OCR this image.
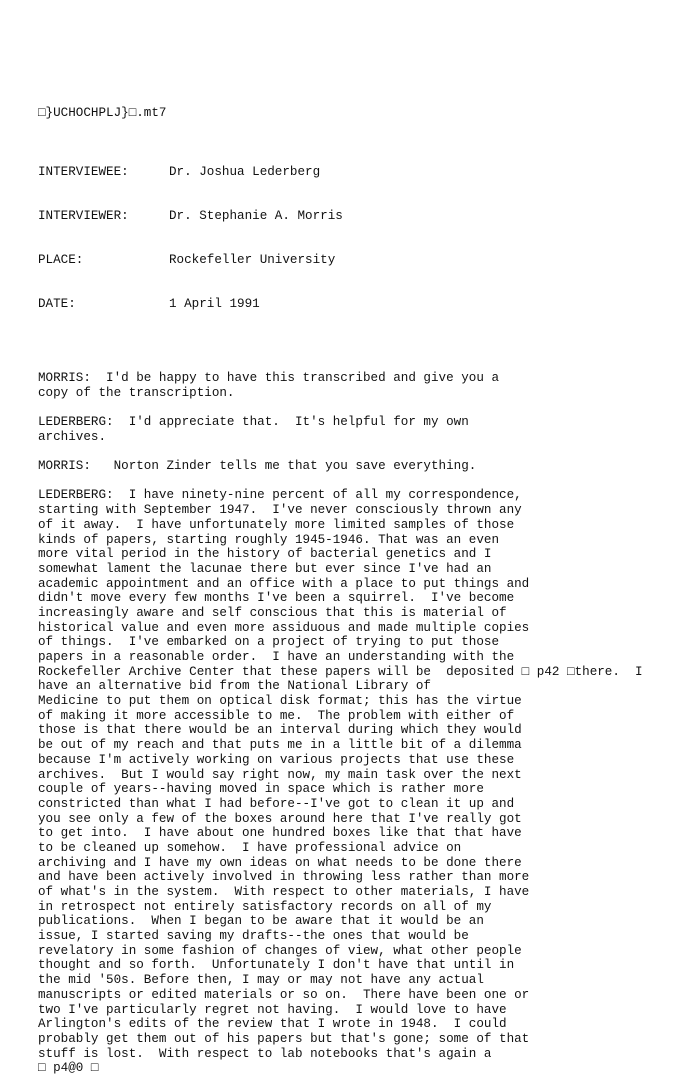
□}UCHOCHPLJ}□.mt7

INTERVIEWEE:	Dr. Joshua Lederberg

INTERVIEWER:	Dr. Stephanie A. Morris

PLACE:	Rockefeller University

DATE:	1 April 1991

MORRIS:  I'd be happy to have this transcribed and give you a
copy of the transcription.
LEDERBERG:  I'd appreciate that.  It's helpful for my own
archives.
MORRIS:   Norton Zinder tells me that you save everything.
LEDERBERG:  I have ninety-nine percent of all my correspondence,
starting with September 1947.  I've never consciously thrown any
of it away.  I have unfortunately more limited samples of those
kinds of papers, starting roughly 1945-1946. That was an even
more vital period in the history of bacterial genetics and I
somewhat lament the lacunae there but ever since I've had an
academic appointment and an office with a place to put things and
didn't move every few months I've been a squirrel.  I've become
increasingly aware and self conscious that this is material of
historical value and even more assiduous and made multiple copies
of things.  I've embarked on a project of trying to put those
papers in a reasonable order.  I have an understanding with the
Rockefeller Archive Center that these papers will be  deposited □ p42 □there.  I
have an alternative bid from the National Library of
Medicine to put them on optical disk format; this has the virtue
of making it more accessible to me.  The problem with either of
those is that there would be an interval during which they would
be out of my reach and that puts me in a little bit of a dilemma
because I'm actively working on various projects that use these
archives.  But I would say right now, my main task over the next
couple of years--having moved in space which is rather more
constricted than what I had before--I've got to clean it up and
you see only a few of the boxes around here that I've really got
to get into.  I have about one hundred boxes like that that have
to be cleaned up somehow.  I have professional advice on
archiving and I have my own ideas on what needs to be done there
and have been actively involved in throwing less rather than more
of what's in the system.  With respect to other materials, I have
in retrospect not entirely satisfactory records on all of my
publications.  When I began to be aware that it would be an
issue, I started saving my drafts--the ones that would be
revelatory in some fashion of changes of view, what other people
thought and so forth.  Unfortunately I don't have that until in
the mid '50s. Before then, I may or may not have any actual
manuscripts or edited materials or so on.  There have been one or
two I've particularly regret not having.  I would love to have
Arlington's edits of the review that I wrote in 1948.  I could
probably get them out of his papers but that's gone; some of that
stuff is lost.  With respect to lab notebooks that's again a
□ p4@0 □
